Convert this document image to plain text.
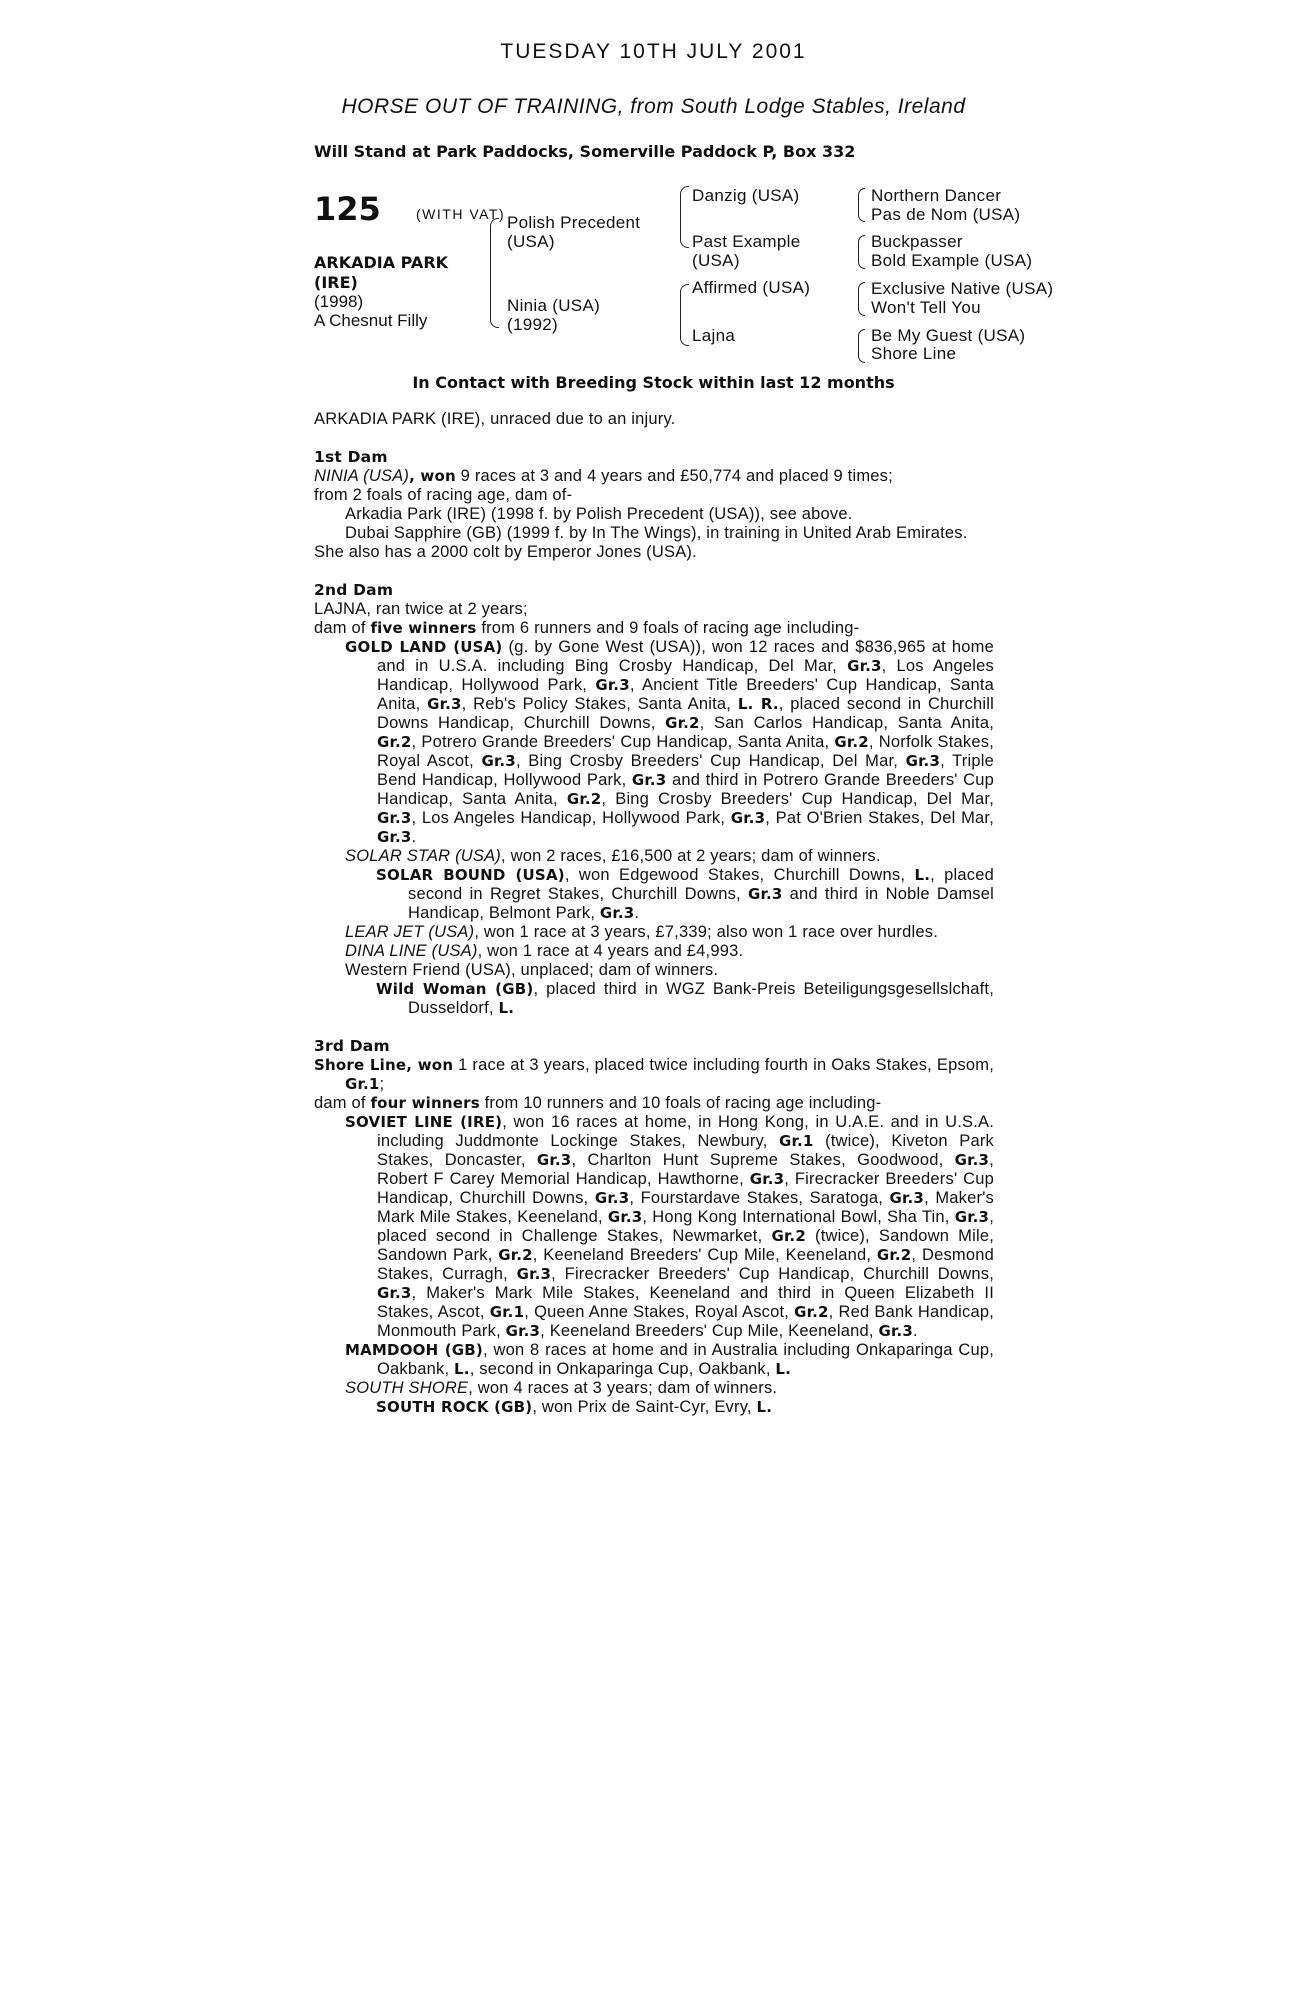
TUESDAY 10TH JULY 2001
HORSE OUT OF TRAINING, from South Lodge Stables, Ireland
Will Stand at Park Paddocks, Somerville Paddock P, Box 332
125	(WITH VAT)
ARKADIA PARK
(IRE)
(1998)
A Chesnut Filly
Polish Precedent
(USA)
Ninia (USA)
(1992)
Danzig (USA)
Past Example
(USA)
Affirmed (USA)
Lajna
Northern Dancer
Pas de Nom (USA)
Buckpasser
Bold Example (USA)
Exclusive Native (USA)
Won't Tell You
Be My Guest (USA)
Shore Line
In Contact with Breeding Stock within last 12 months

ARKADIA PARK (IRE), unraced due to an injury.

1st Dam

NINIA (USA), won 9 races at 3 and 4 years and £50,774 and placed 9 times;

from 2 foals of racing age, dam of-

Arkadia Park (IRE) (1998 f. by Polish Precedent (USA)), see above.

Dubai Sapphire (GB) (1999 f. by In The Wings), in training in United Arab Emirates.

She also has a 2000 colt by Emperor Jones (USA).

2nd Dam

LAJNA, ran twice at 2 years;

dam of five winners from 6 runners and 9 foals of racing age including-

GOLD LAND (USA) (g. by Gone West (USA)), won 12 races and $836,965 at home and in U.S.A. including Bing Crosby Handicap, Del Mar, Gr.3, Los Angeles Handicap, Hollywood Park, Gr.3, Ancient Title Breeders' Cup Handicap, Santa Anita, Gr.3, Reb's Policy Stakes, Santa Anita, L. R., placed second in Churchill Downs Handicap, Churchill Downs, Gr.2, San Carlos Handicap, Santa Anita, Gr.2, Potrero Grande Breeders' Cup Handicap, Santa Anita, Gr.2, Norfolk Stakes, Royal Ascot, Gr.3, Bing Crosby Breeders' Cup Handicap, Del Mar, Gr.3, Triple Bend Handicap, Hollywood Park, Gr.3 and third in Potrero Grande Breeders' Cup Handicap, Santa Anita, Gr.2, Bing Crosby Breeders' Cup Handicap, Del Mar, Gr.3, Los Angeles Handicap, Hollywood Park, Gr.3, Pat O'Brien Stakes, Del Mar, Gr.3.

SOLAR STAR (USA), won 2 races, £16,500 at 2 years; dam of winners.

SOLAR BOUND (USA), won Edgewood Stakes, Churchill Downs, L., placed second in Regret Stakes, Churchill Downs, Gr.3 and third in Noble Damsel Handicap, Belmont Park, Gr.3.

LEAR JET (USA), won 1 race at 3 years, £7,339; also won 1 race over hurdles.

DINA LINE (USA), won 1 race at 4 years and £4,993.

Western Friend (USA), unplaced; dam of winners.

Wild Woman (GB), placed third in WGZ Bank-Preis Beteiligungsgesellslchaft, Dusseldorf, L.

3rd Dam

Shore Line, won 1 race at 3 years, placed twice including fourth in Oaks Stakes, Epsom, Gr.1;

dam of four winners from 10 runners and 10 foals of racing age including-

SOVIET LINE (IRE), won 16 races at home, in Hong Kong, in U.A.E. and in U.S.A. including Juddmonte Lockinge Stakes, Newbury, Gr.1 (twice), Kiveton Park Stakes, Doncaster, Gr.3, Charlton Hunt Supreme Stakes, Goodwood, Gr.3, Robert F Carey Memorial Handicap, Hawthorne, Gr.3, Firecracker Breeders' Cup Handicap, Churchill Downs, Gr.3, Fourstardave Stakes, Saratoga, Gr.3, Maker's Mark Mile Stakes, Keeneland, Gr.3, Hong Kong International Bowl, Sha Tin, Gr.3, placed second in Challenge Stakes, Newmarket, Gr.2 (twice), Sandown Mile, Sandown Park, Gr.2, Keeneland Breeders' Cup Mile, Keeneland, Gr.2, Desmond Stakes, Curragh, Gr.3, Firecracker Breeders' Cup Handicap, Churchill Downs, Gr.3, Maker's Mark Mile Stakes, Keeneland and third in Queen Elizabeth II Stakes, Ascot, Gr.1, Queen Anne Stakes, Royal Ascot, Gr.2, Red Bank Handicap, Monmouth Park, Gr.3, Keeneland Breeders' Cup Mile, Keeneland, Gr.3.

MAMDOOH (GB), won 8 races at home and in Australia including Onkaparinga Cup, Oakbank, L., second in Onkaparinga Cup, Oakbank, L.

SOUTH SHORE, won 4 races at 3 years; dam of winners.

SOUTH ROCK (GB), won Prix de Saint-Cyr, Evry, L.
